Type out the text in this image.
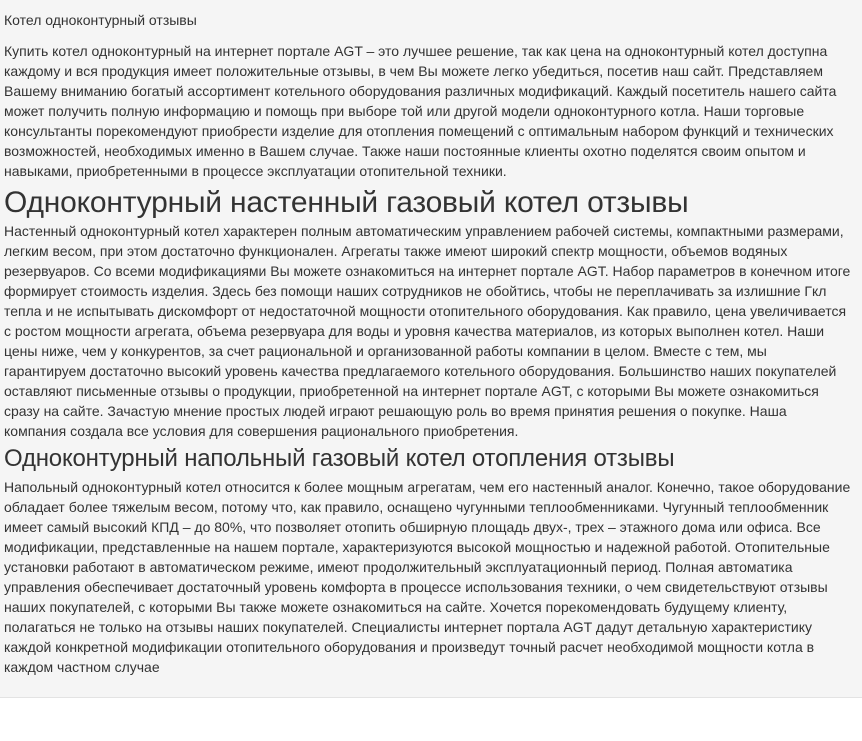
Котел одноконтурный отзывы

Купить котел одноконтурный на интернет портале AGT – это лучшее решение, так как цена на одноконтурный котел доступна каждому и вся продукция имеет положительные отзывы, в чем Вы можете легко убедиться, посетив наш сайт. Представляем Вашему вниманию богатый ассортимент котельного оборудования различных модификаций. Каждый посетитель нашего сайта может получить полную информацию и помощь при выборе той или другой модели одноконтурного котла. Наши торговые консультанты порекомендуют приобрести изделие для отопления помещений с оптимальным набором функций и технических возможностей, необходимых именно в Вашем случае. Также наши постоянные клиенты охотно поделятся своим опытом и навыками, приобретенными в процессе эксплуатации отопительной техники.

Одноконтурный настенный газовый котел отзывы

Настенный одноконтурный котел характерен полным автоматическим управлением рабочей системы, компактными размерами, легким весом, при этом достаточно функционален. Агрегаты также имеют широкий спектр мощности, объемов водяных резервуаров. Со всеми модификациями Вы можете ознакомиться на интернет портале AGT. Набор параметров в конечном итоге формирует стоимость изделия. Здесь без помощи наших сотрудников не обойтись, чтобы не переплачивать за излишние Гкл тепла и не испытывать дискомфорт от недостаточной мощности отопительного оборудования. Как правило, цена увеличивается с ростом мощности агрегата, объема резервуара для воды и уровня качества материалов, из которых выполнен котел. Наши цены ниже, чем у конкурентов, за счет рациональной и организованной работы компании в целом. Вместе с тем, мы гарантируем достаточно высокий уровень качества предлагаемого котельного оборудования. Большинство наших покупателей оставляют письменные отзывы о продукции, приобретенной на интернет портале AGT, с которыми Вы можете ознакомиться сразу на сайте. Зачастую мнение простых людей играют решающую роль во время принятия решения о покупке. Наша компания создала все условия для совершения рационального приобретения.

Одноконтурный напольный газовый котел отопления отзывы

Напольный одноконтурный котел относится к более мощным агрегатам, чем его настенный аналог. Конечно, такое оборудование обладает более тяжелым весом, потому что, как правило, оснащено чугунными теплообменниками. Чугунный теплообменник имеет самый высокий КПД – до 80%, что позволяет отопить обширную площадь двух-, трех – этажного дома или офиса. Все модификации, представленные на нашем портале, характеризуются высокой мощностью и надежной работой. Отопительные установки работают в автоматическом режиме, имеют продолжительный эксплуатационный период. Полная автоматика управления обеспечивает достаточный уровень комфорта в процессе использования техники, о чем свидетельствуют отзывы наших покупателей, с которыми Вы также можете ознакомиться на сайте. Хочется порекомендовать будущему клиенту, полагаться не только на отзывы наших покупателей. Специалисты интернет портала AGT дадут детальную характеристику каждой конкретной модификации отопительного оборудования и произведут точный расчет необходимой мощности котла в каждом частном случае
